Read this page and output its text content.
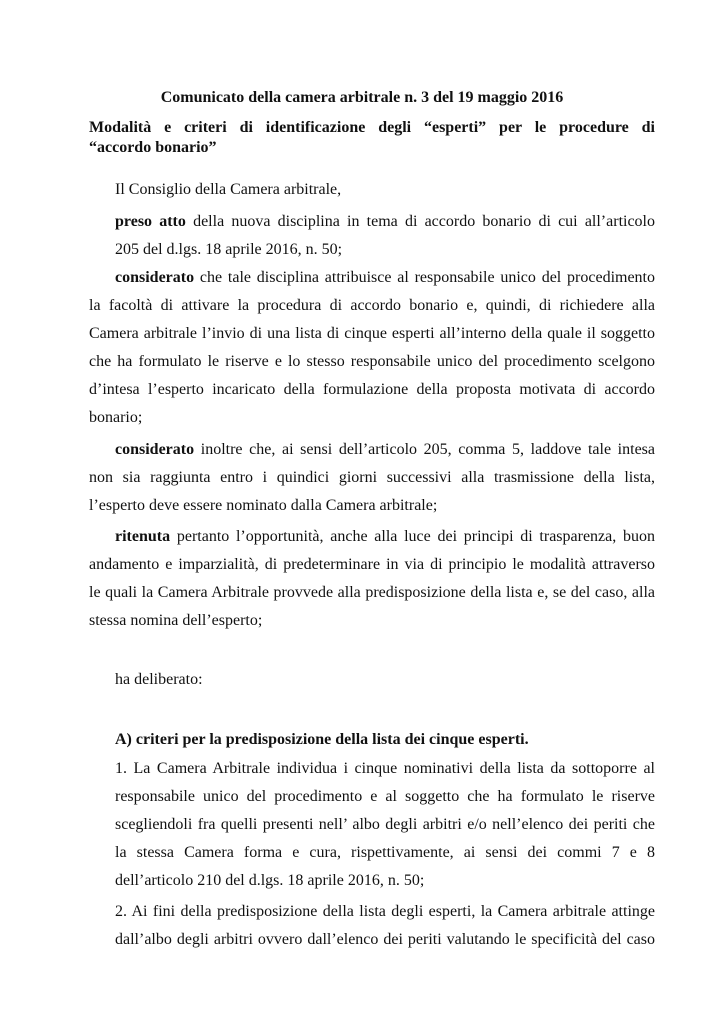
Comunicato della camera arbitrale n. 3 del 19 maggio 2016
Modalità e criteri di identificazione degli “esperti” per le procedure di
“accordo bonario”
Il Consiglio della Camera arbitrale,
preso atto della nuova disciplina in tema di accordo bonario di cui all’articolo
205 del d.lgs. 18 aprile 2016, n. 50;
considerato che tale disciplina attribuisce al responsabile unico del procedimento
la facoltà di attivare la procedura di accordo bonario e, quindi, di richiedere alla
Camera arbitrale l’invio di una lista di cinque esperti all’interno della quale il soggetto
che ha formulato le riserve e lo stesso responsabile unico del procedimento scelgono
d’intesa l’esperto incaricato della formulazione della proposta motivata di accordo
bonario;
considerato inoltre che, ai sensi dell’articolo 205, comma 5, laddove tale intesa
non sia raggiunta entro i quindici giorni successivi alla trasmissione della lista,
l’esperto deve essere nominato dalla Camera arbitrale;
ritenuta pertanto l’opportunità, anche alla luce dei principi di trasparenza, buon
andamento e imparzialità, di predeterminare in via di principio le modalità attraverso
le quali la Camera Arbitrale provvede alla predisposizione della lista e, se del caso, alla
stessa nomina dell’esperto;
ha deliberato:
A) criteri per la predisposizione della lista dei cinque esperti.
1. La Camera Arbitrale individua i cinque nominativi della lista da sottoporre al
responsabile unico del procedimento e al soggetto che ha formulato le riserve
scegliendoli fra quelli presenti nell’ albo degli arbitri e/o nell’elenco dei periti che
la stessa Camera forma e cura, rispettivamente, ai sensi dei commi 7 e 8
dell’articolo 210 del d.lgs. 18 aprile 2016, n. 50;
2. Ai fini della predisposizione della lista degli esperti, la Camera arbitrale attinge
dall’albo degli arbitri ovvero dall’elenco dei periti valutando le specificità del caso
